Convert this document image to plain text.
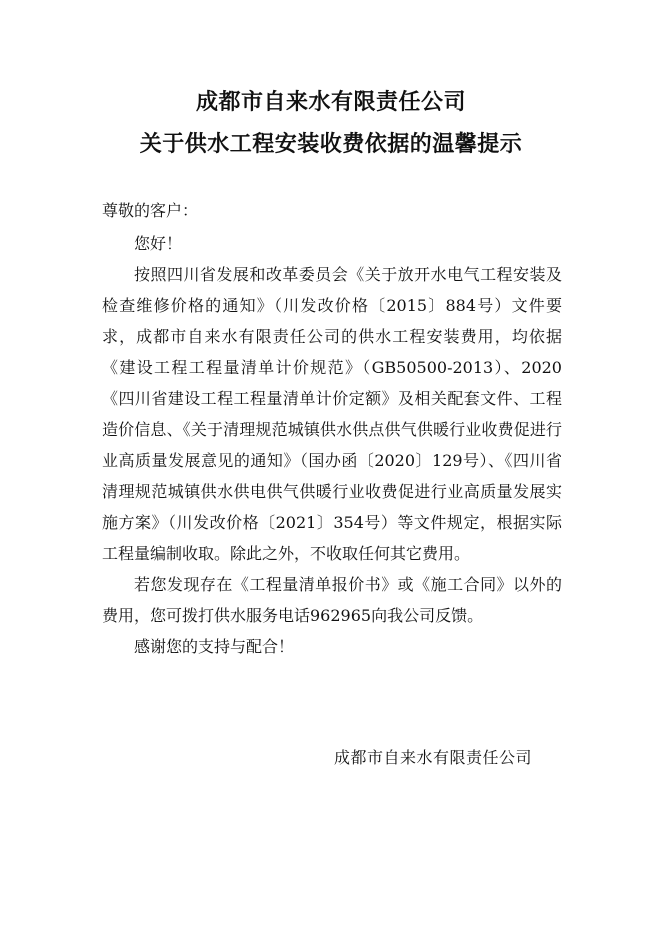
成都市自来水有限责任公司
关于供水工程安装收费依据的温馨提示
尊敬的客户：

您好！

按照四川省发展和改革委员会《关于放开水电气工程安装及检查维修价格的通知》（川发改价格〔2015〕884号）文件要求，成都市自来水有限责任公司的供水工程安装费用，均依据《建设工程工程量清单计价规范》（GB50500-2013）、2020《四川省建设工程工程量清单计价定额》及相关配套文件、工程造价信息、《关于清理规范城镇供水供点供气供暖行业收费促进行业高质量发展意见的通知》（国办函〔2020〕129号）、《四川省清理规范城镇供水供电供气供暖行业收费促进行业高质量发展实施方案》（川发改价格〔2021〕354号）等文件规定，根据实际工程量编制收取。除此之外，不收取任何其它费用。

若您发现存在《工程量清单报价书》或《施工合同》以外的费用，您可拨打供水服务电话962965向我公司反馈。

感谢您的支持与配合！

成都市自来水有限责任公司
